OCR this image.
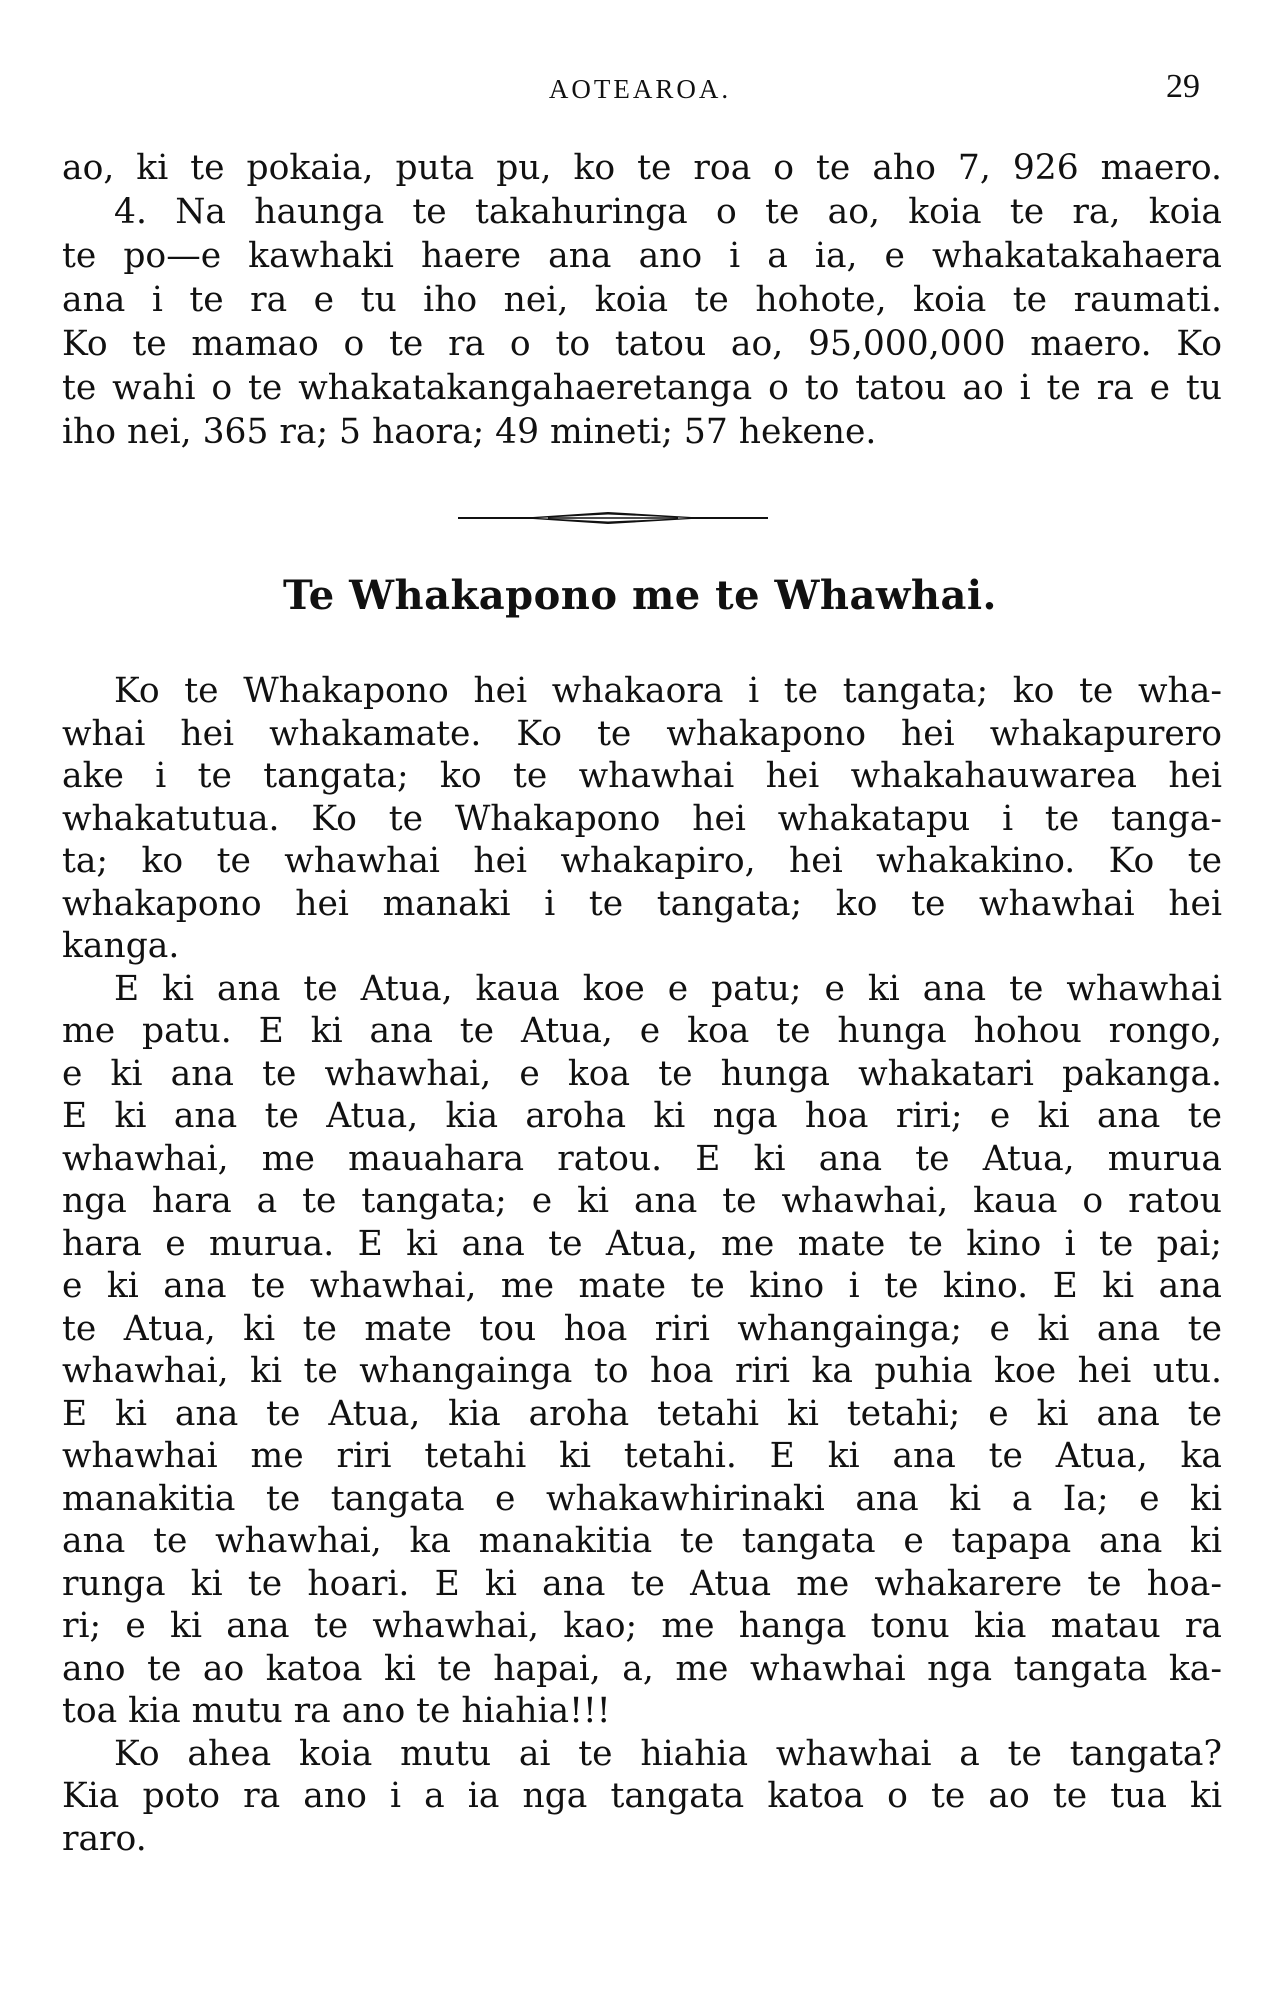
AOTEAROA.	29
ao, ki te pokaia, puta pu, ko te roa o te aho 7, 926 maero.
4. Na haunga te takahuringa o te ao, koia te ra, koia
te po—e kawhaki haere ana ano i a ia, e whakatakahaera
ana i te ra e tu iho nei, koia te hohote, koia te raumati.
Ko te mamao o te ra o to tatou ao, 95,000,000 maero. Ko
te wahi o te whakatakangahaeretanga o to tatou ao i te ra e tu
iho nei, 365 ra; 5 haora; 49 mineti; 57 hekene.
Te Whakapono me te Whawhai.
Ko te Whakapono hei whakaora i te tangata; ko te wha-
whai hei whakamate. Ko te whakapono hei whakapurero
ake i te tangata; ko te whawhai hei whakahauwarea hei
whakatutua. Ko te Whakapono hei whakatapu i te tanga-
ta; ko te whawhai hei whakapiro, hei whakakino. Ko te
whakapono hei manaki i te tangata; ko te whawhai hei
kanga.
E ki ana te Atua, kaua koe e patu; e ki ana te whawhai
me patu. E ki ana te Atua, e koa te hunga hohou rongo,
e ki ana te whawhai, e koa te hunga whakatari pakanga.
E ki ana te Atua, kia aroha ki nga hoa riri; e ki ana te
whawhai, me mauahara ratou. E ki ana te Atua, murua
nga hara a te tangata; e ki ana te whawhai, kaua o ratou
hara e murua. E ki ana te Atua, me mate te kino i te pai;
e ki ana te whawhai, me mate te kino i te kino. E ki ana
te Atua, ki te mate tou hoa riri whangainga; e ki ana te
whawhai, ki te whangainga to hoa riri ka puhia koe hei utu.
E ki ana te Atua, kia aroha tetahi ki tetahi; e ki ana te
whawhai me riri tetahi ki tetahi. E ki ana te Atua, ka
manakitia te tangata e whakawhirinaki ana ki a Ia; e ki
ana te whawhai, ka manakitia te tangata e tapapa ana ki
runga ki te hoari. E ki ana te Atua me whakarere te hoa-
ri; e ki ana te whawhai, kao; me hanga tonu kia matau ra
ano te ao katoa ki te hapai, a, me whawhai nga tangata ka-
toa kia mutu ra ano te hiahia!!!
Ko ahea koia mutu ai te hiahia whawhai a te tangata?
Kia poto ra ano i a ia nga tangata katoa o te ao te tua ki
raro.
